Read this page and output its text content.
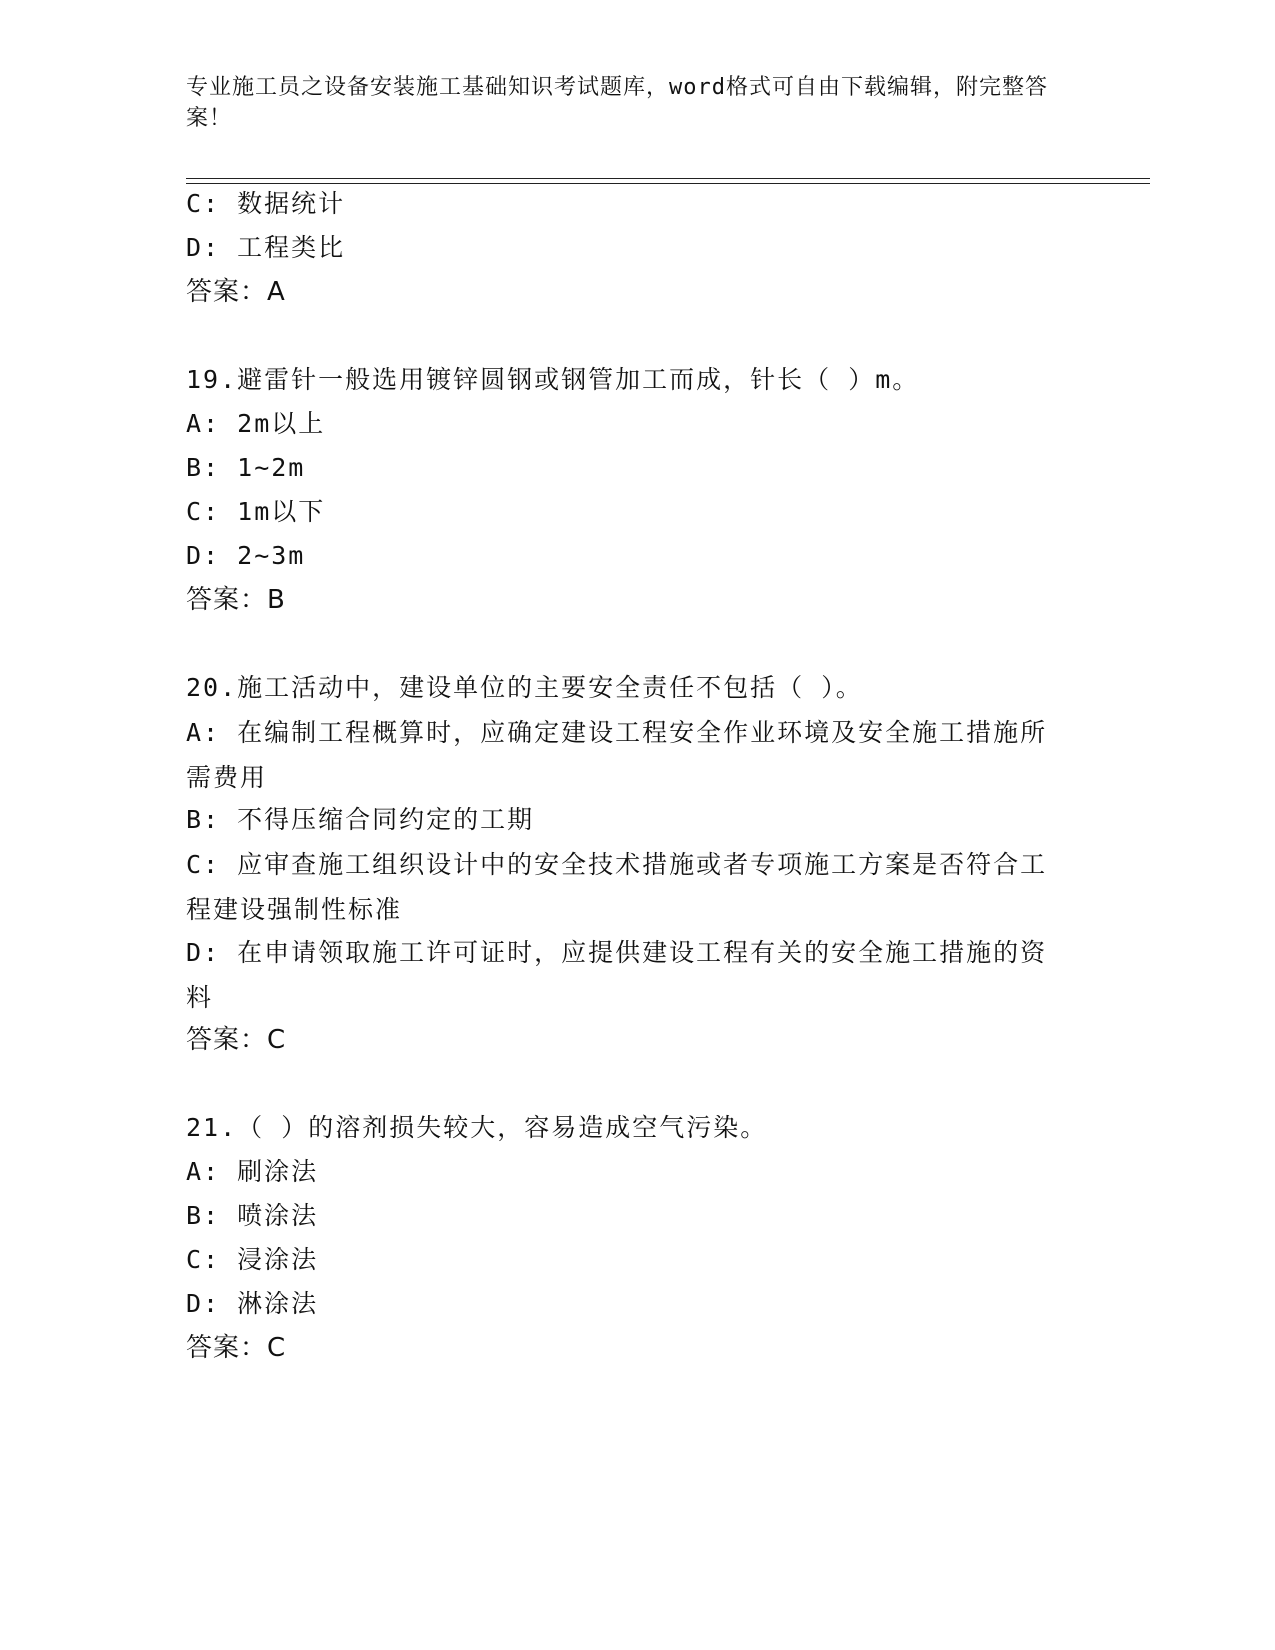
专业施工员之设备安装施工基础知识考试题库，word格式可自由下载编辑，附完整答案！
C: 数据统计
D: 工程类比
答案：A
19.避雷针一般选用镀锌圆钢或钢管加工而成，针长（ ）m。
A: 2m以上
B: 1~2m
C: 1m以下
D: 2~3m
答案：B
20.施工活动中，建设单位的主要安全责任不包括（ ）。
A: 在编制工程概算时，应确定建设工程安全作业环境及安全施工措施所需费用
B: 不得压缩合同约定的工期
C: 应审查施工组织设计中的安全技术措施或者专项施工方案是否符合工程建设强制性标准
D: 在申请领取施工许可证时，应提供建设工程有关的安全施工措施的资料
答案：C
21.（ ）的溶剂损失较大，容易造成空气污染。
A: 刷涂法
B: 喷涂法
C: 浸涂法
D: 淋涂法
答案：C
